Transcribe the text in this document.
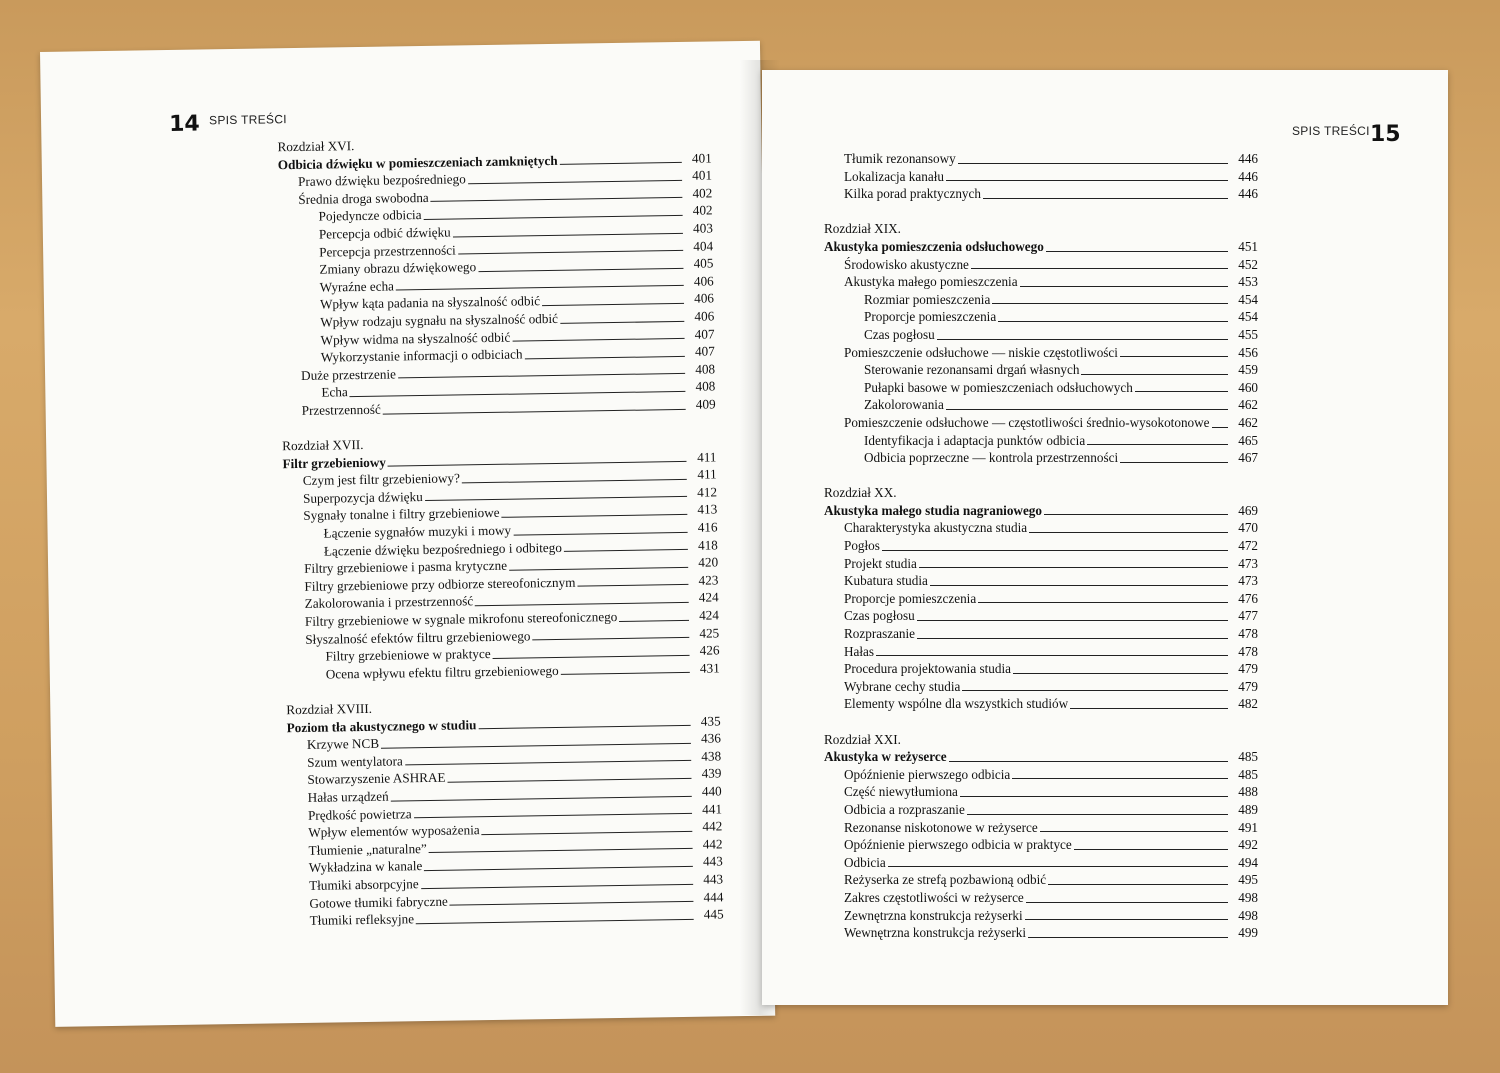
14 SPIS TREŚCI
Rozdział XVI.
Odbicia dźwięku w pomieszczeniach zamkniętych	401
Prawo dźwięku bezpośredniego	401
Średnia droga swobodna	402
Pojedyncze odbicia	402
Percepcja odbić dźwięku	403
Percepcja przestrzenności	404
Zmiany obrazu dźwiękowego	405
Wyraźne echa	406
Wpływ kąta padania na słyszalność odbić	406
Wpływ rodzaju sygnału na słyszalność odbić	406
Wpływ widma na słyszalność odbić	407
Wykorzystanie informacji o odbiciach	407
Duże przestrzenie	408
Echa	408
Przestrzenność	409
Rozdział XVII.
Filtr grzebieniowy	411
Czym jest filtr grzebieniowy?	411
Superpozycja dźwięku	412
Sygnały tonalne i filtry grzebieniowe	413
Łączenie sygnałów muzyki i mowy	416
Łączenie dźwięku bezpośredniego i odbitego	418
Filtry grzebieniowe i pasma krytyczne	420
Filtry grzebieniowe przy odbiorze stereofonicznym	423
Zakolorowania i przestrzenność	424
Filtry grzebieniowe w sygnale mikrofonu stereofonicznego	424
Słyszalność efektów filtru grzebieniowego	425
Filtry grzebieniowe w praktyce	426
Ocena wpływu efektu filtru grzebieniowego	431
Rozdział XVIII.
Poziom tła akustycznego w studiu	435
Krzywe NCB	436
Szum wentylatora	438
Stowarzyszenie ASHRAE	439
Hałas urządzeń	440
Prędkość powietrza	441
Wpływ elementów wyposażenia	442
Tłumienie „naturalne”	442
Wykładzina w kanale	443
Tłumiki absorpcyjne	443
Gotowe tłumiki fabryczne	444
Tłumiki refleksyjne	445
SPIS TREŚCI 15
Tłumik rezonansowy	446
Lokalizacja kanału	446
Kilka porad praktycznych	446
Rozdział XIX.
Akustyka pomieszczenia odsłuchowego	451
Środowisko akustyczne	452
Akustyka małego pomieszczenia	453
Rozmiar pomieszczenia	454
Proporcje pomieszczenia	454
Czas pogłosu	455
Pomieszczenie odsłuchowe — niskie częstotliwości	456
Sterowanie rezonansami drgań własnych	459
Pułapki basowe w pomieszczeniach odsłuchowych	460
Zakolorowania	462
Pomieszczenie odsłuchowe — częstotliwości średnio-wysokotonowe	462
Identyfikacja i adaptacja punktów odbicia	465
Odbicia poprzeczne — kontrola przestrzenności	467
Rozdział XX.
Akustyka małego studia nagraniowego	469
Charakterystyka akustyczna studia	470
Pogłos	472
Projekt studia	473
Kubatura studia	473
Proporcje pomieszczenia	476
Czas pogłosu	477
Rozpraszanie	478
Hałas	478
Procedura projektowania studia	479
Wybrane cechy studia	479
Elementy wspólne dla wszystkich studiów	482
Rozdział XXI.
Akustyka w reżyserce	485
Opóźnienie pierwszego odbicia	485
Część niewytłumiona	488
Odbicia a rozpraszanie	489
Rezonanse niskotonowe w reżyserce	491
Opóźnienie pierwszego odbicia w praktyce	492
Odbicia	494
Reżyserka ze strefą pozbawioną odbić	495
Zakres częstotliwości w reżyserce	498
Zewnętrzna konstrukcja reżyserki	498
Wewnętrzna konstrukcja reżyserki	499
